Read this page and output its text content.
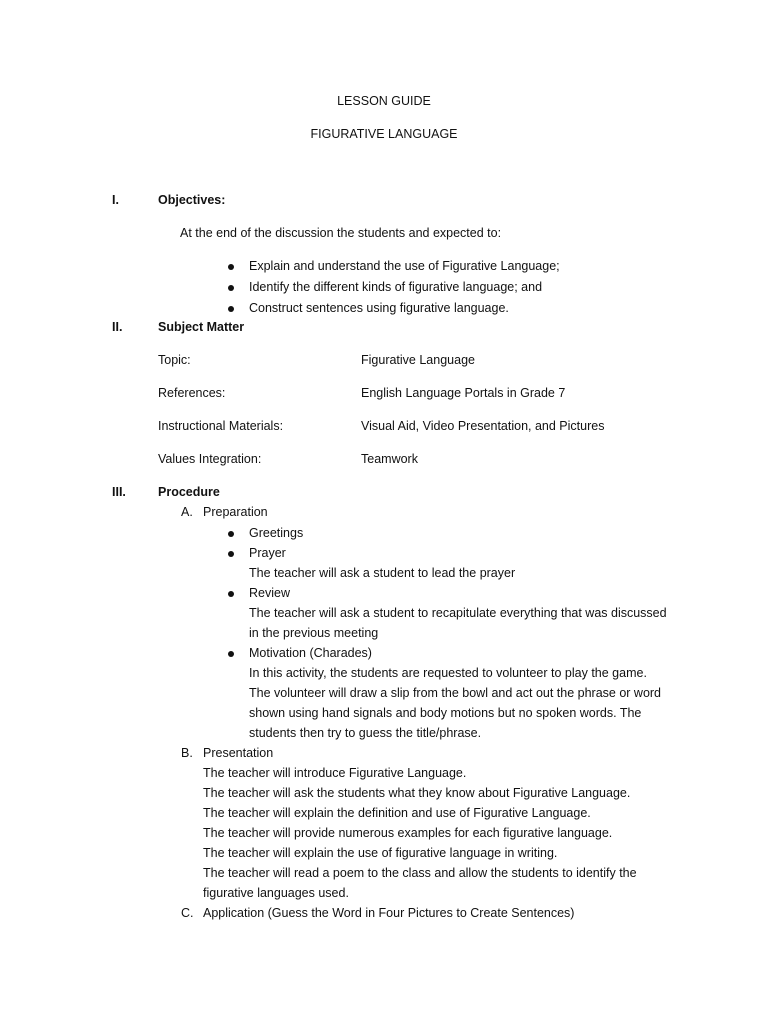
LESSON GUIDE
FIGURATIVE LANGUAGE
I.	Objectives:
At the end of the discussion the students and expected to:
Explain and understand the use of Figurative Language;
Identify the different kinds of figurative language; and
Construct sentences using figurative language.
II.	Subject Matter
Topic:	Figurative Language
References:	English Language Portals in Grade 7
Instructional Materials:	Visual Aid, Video Presentation, and Pictures
Values Integration:	Teamwork
III.	Procedure
A. Preparation
Greetings
Prayer
The teacher will ask a student to lead the prayer
Review
The teacher will ask a student to recapitulate everything that was discussed
in the previous meeting
Motivation (Charades)
In this activity, the students are requested to volunteer to play the game.
The volunteer will draw a slip from the bowl and act out the phrase or word
shown using hand signals and body motions but no spoken words. The
students then try to guess the title/phrase.
B. Presentation
The teacher will introduce Figurative Language.
The teacher will ask the students what they know about Figurative Language.
The teacher will explain the definition and use of Figurative Language.
The teacher will provide numerous examples for each figurative language.
The teacher will explain the use of figurative language in writing.
The teacher will read a poem to the class and allow the students to identify the
figurative languages used.
C. Application (Guess the Word in Four Pictures to Create Sentences)
